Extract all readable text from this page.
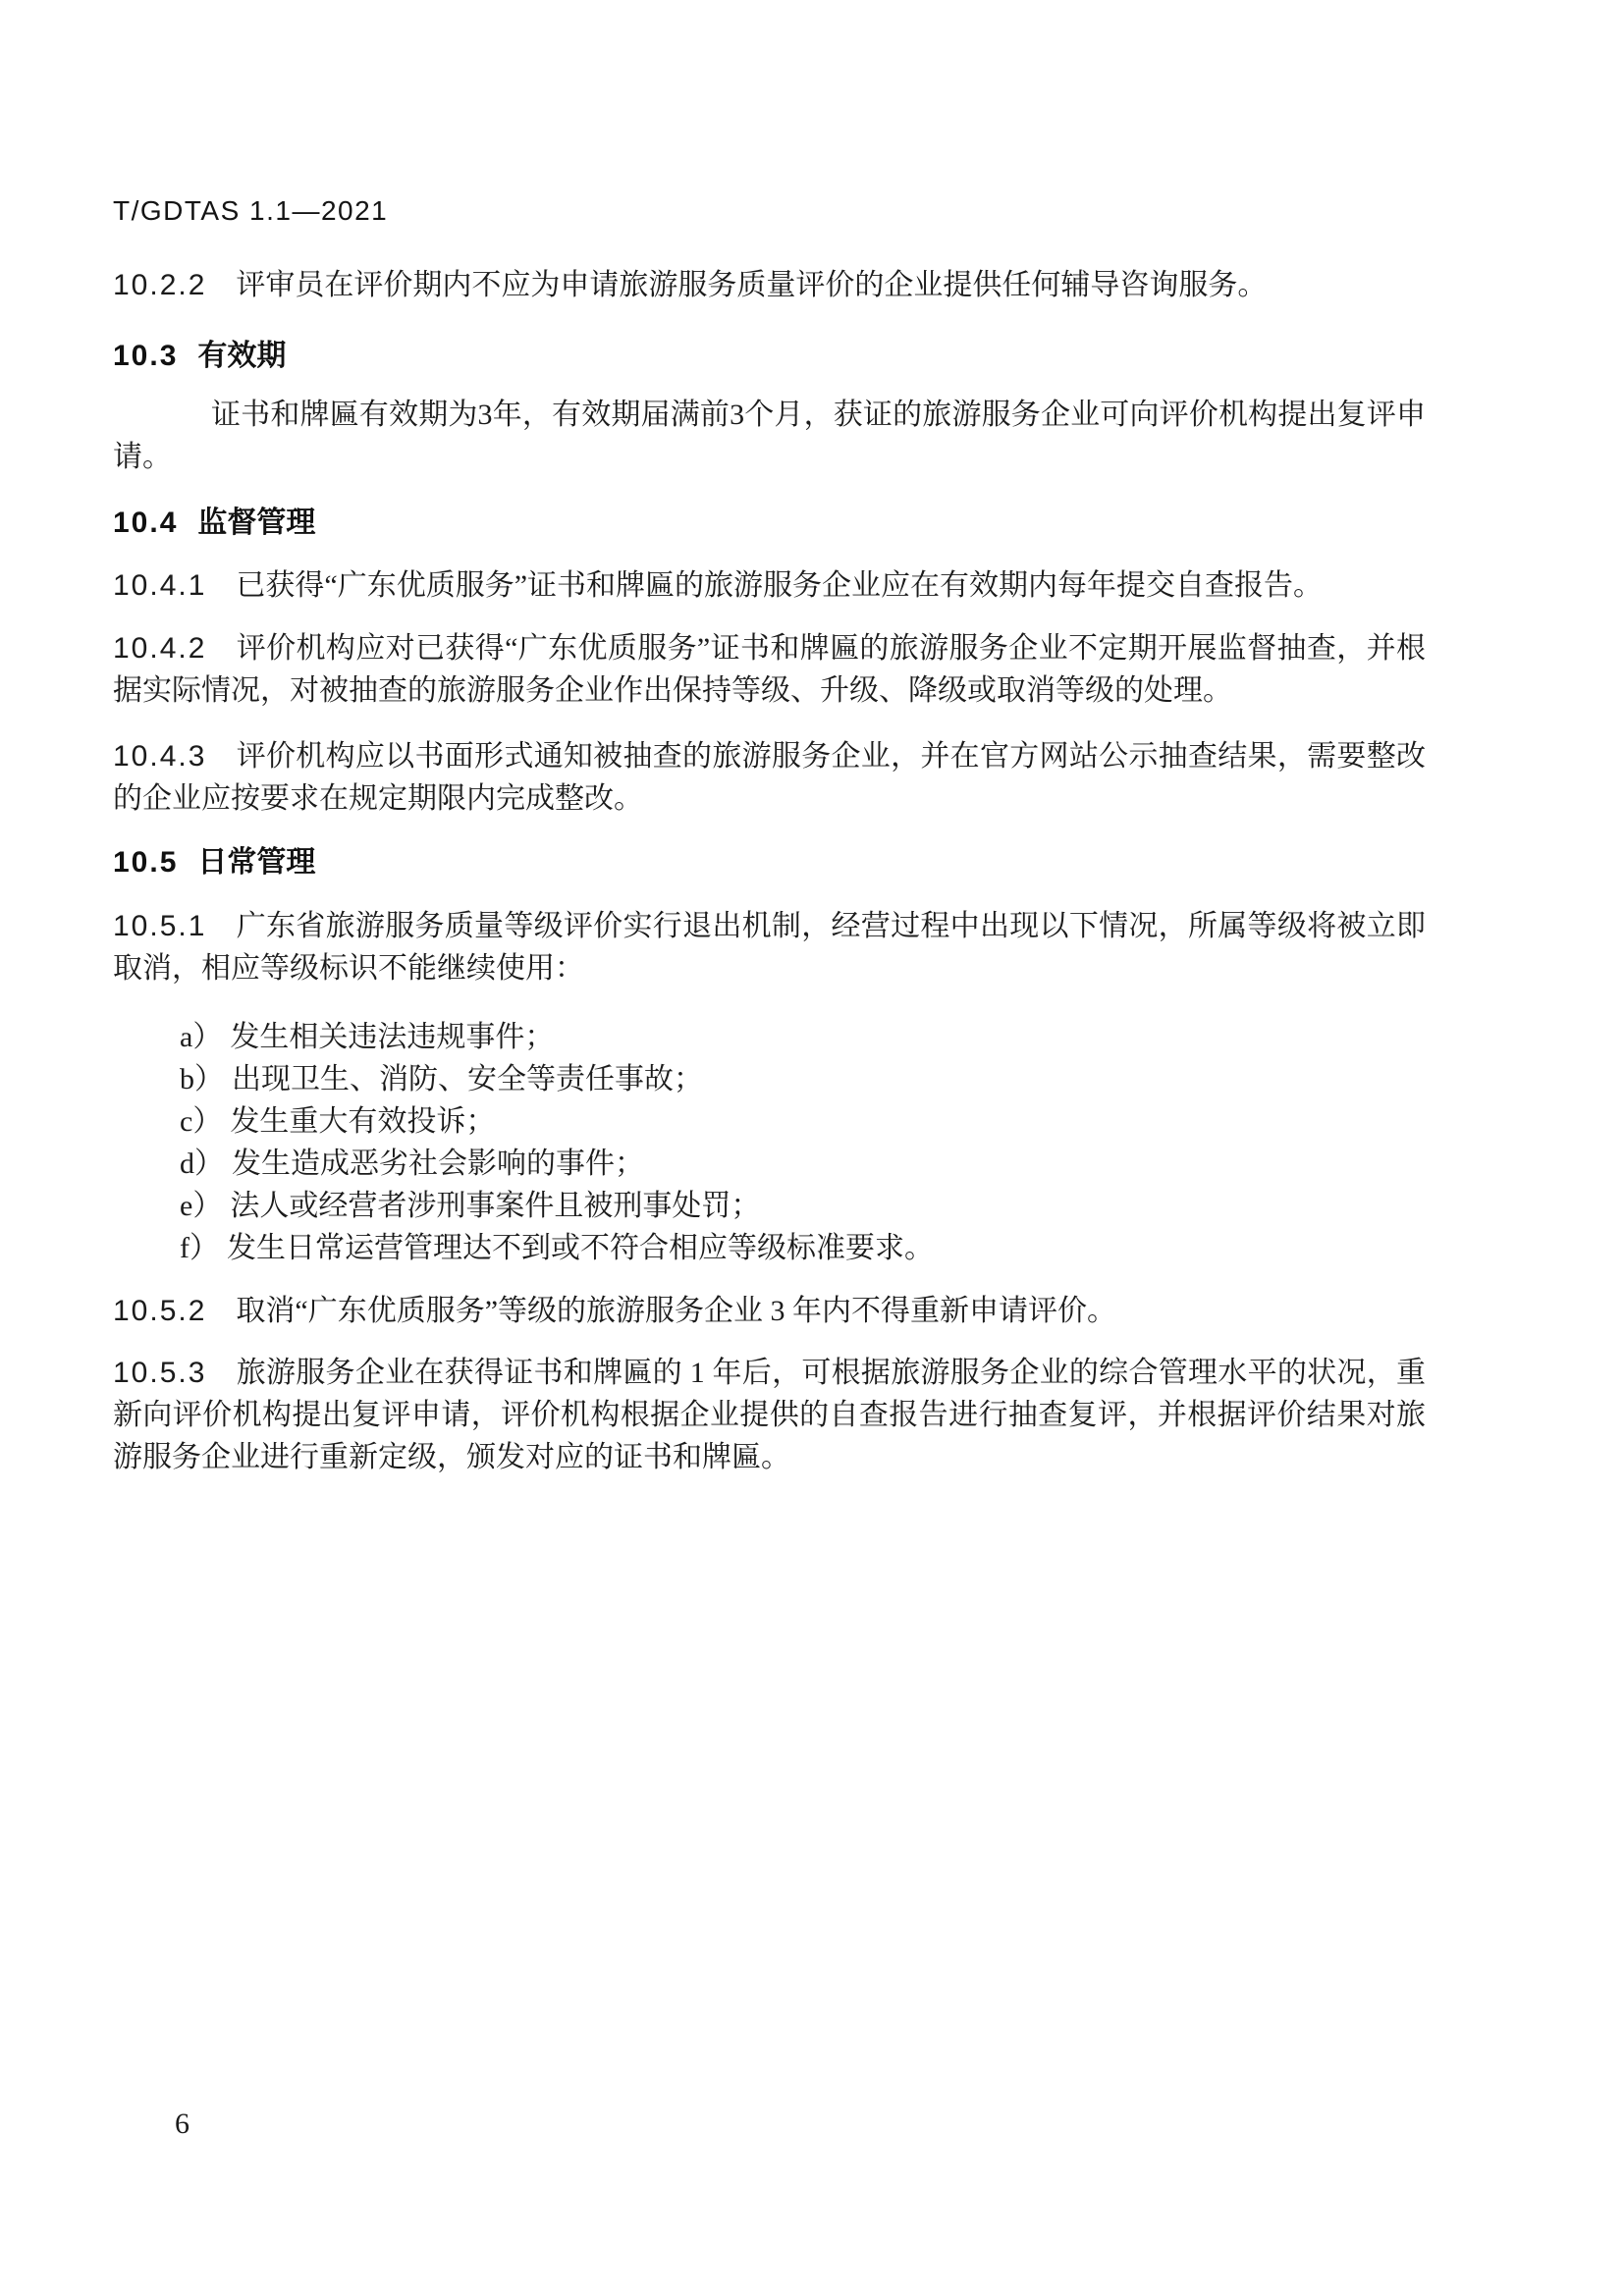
T/GDTAS 1.1—2021

10.2.2 评审员在评价期内不应为申请旅游服务质量评价的企业提供任何辅导咨询服务。

10.3 有效期

证书和牌匾有效期为3年，有效期届满前3个月，获证的旅游服务企业可向评价机构提出复评申请。

10.4 监督管理

10.4.1 已获得“广东优质服务”证书和牌匾的旅游服务企业应在有效期内每年提交自查报告。

10.4.2 评价机构应对已获得“广东优质服务”证书和牌匾的旅游服务企业不定期开展监督抽查，并根据实际情况，对被抽查的旅游服务企业作出保持等级、升级、降级或取消等级的处理。

10.4.3 评价机构应以书面形式通知被抽查的旅游服务企业，并在官方网站公示抽查结果，需要整改的企业应按要求在规定期限内完成整改。

10.5 日常管理

10.5.1 广东省旅游服务质量等级评价实行退出机制，经营过程中出现以下情况，所属等级将被立即取消，相应等级标识不能继续使用：

a） 发生相关违法违规事件；
b） 出现卫生、消防、安全等责任事故；
c） 发生重大有效投诉；
d） 发生造成恶劣社会影响的事件；
e） 法人或经营者涉刑事案件且被刑事处罚；
f） 发生日常运营管理达不到或不符合相应等级标准要求。

10.5.2 取消“广东优质服务”等级的旅游服务企业 3 年内不得重新申请评价。

10.5.3 旅游服务企业在获得证书和牌匾的 1 年后，可根据旅游服务企业的综合管理水平的状况，重新向评价机构提出复评申请，评价机构根据企业提供的自查报告进行抽查复评，并根据评价结果对旅游服务企业进行重新定级，颁发对应的证书和牌匾。

6
